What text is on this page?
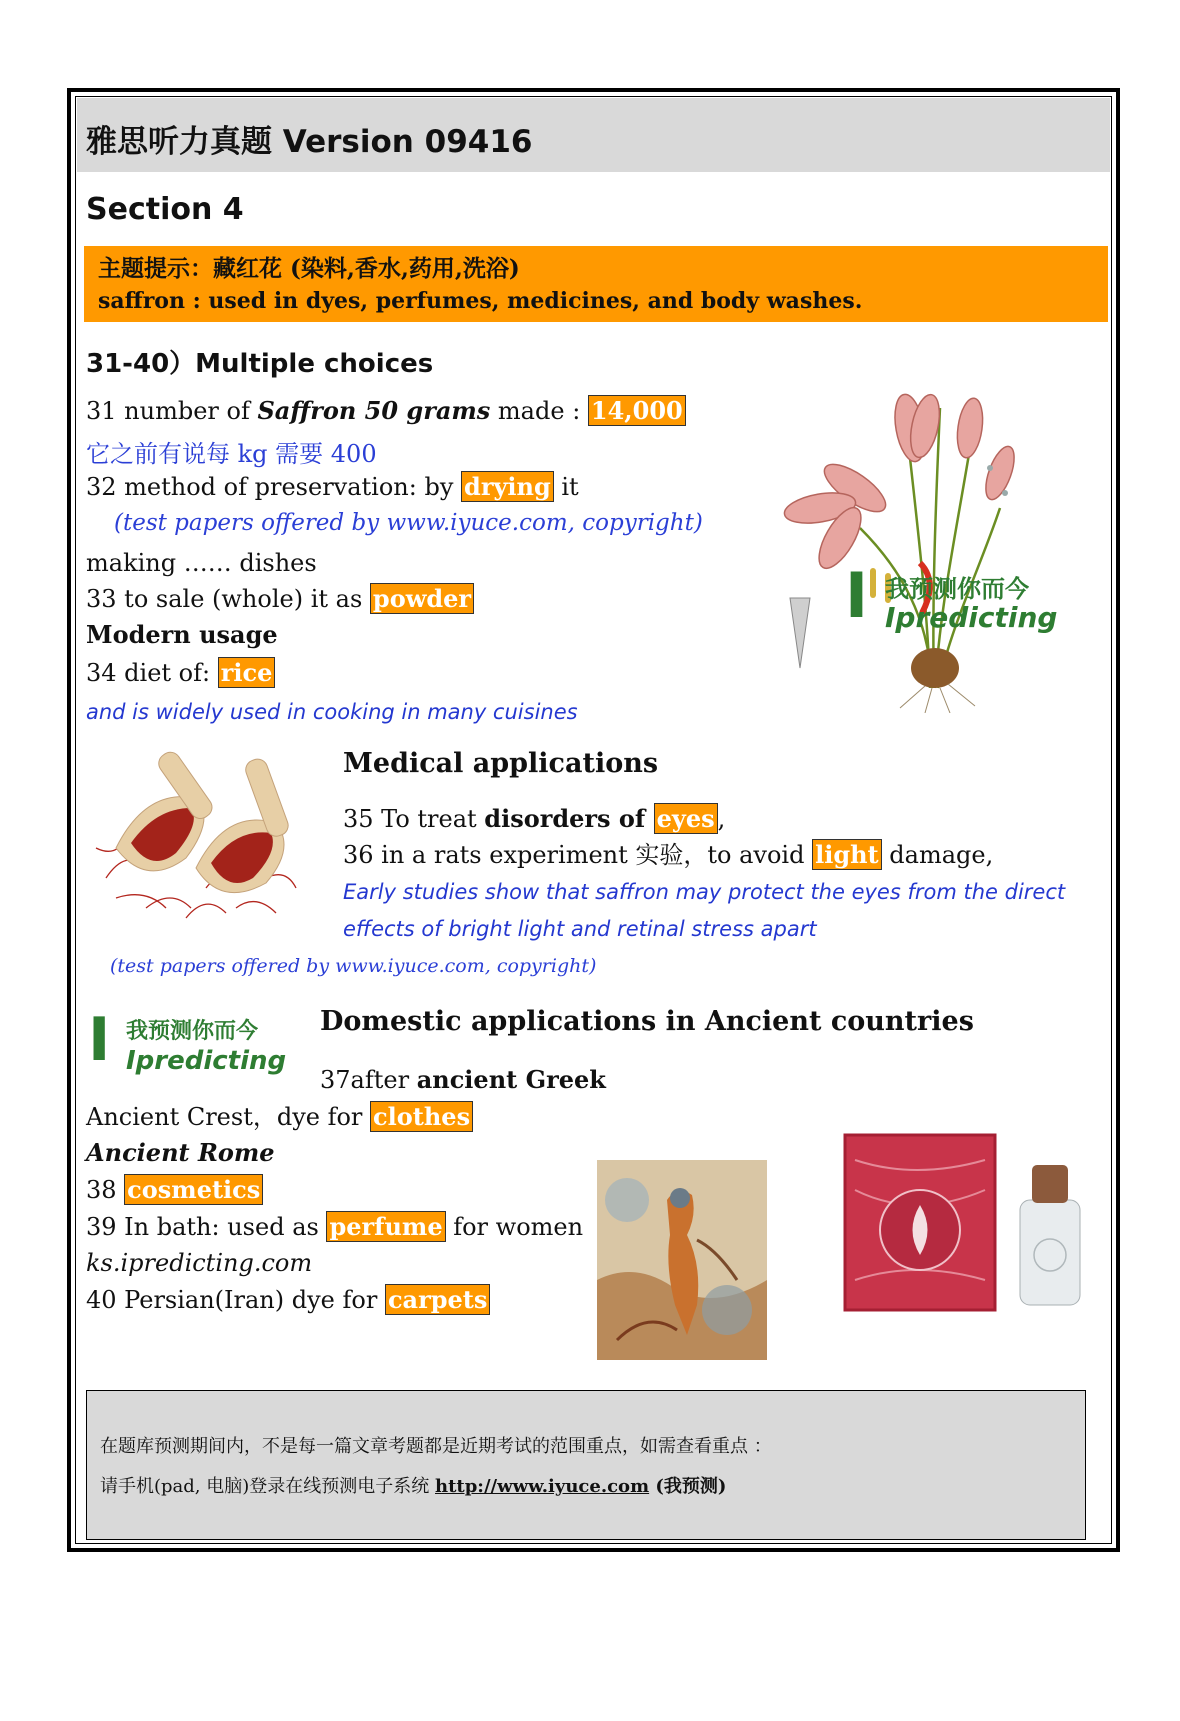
雅思听力真题 Version 09416
Section 4
主题提示：藏红花 (染料,香水,药用,洗浴)
saffron : used in dyes, perfumes, medicines, and body washes.
31-40）Multiple choices
31 number of Saffron 50 grams made : 14,000
它之前有说每 kg 需要 400
32 method of preservation: by drying it
(test papers offered by www.iyuce.com, copyright)
making …… dishes
33 to sale (whole) it as powder
Modern usage
34 diet of: rice
and is widely used in cooking in many cuisines
I 我预测你而今
Ipredicting
Medical applications
35 To treat disorders of eyes ,
36 in a rats experiment 实验，to avoid light damage,
Early studies show that saffron may protect the eyes from the direct
effects of bright light and retinal stress apart
(test papers offered by www.iyuce.com, copyright)
I 我预测你而今
Ipredicting
Domestic applications in Ancient countries
37after ancient Greek
Ancient Crest，dye for clothes
Ancient Rome
38 cosmetics
39 In bath: used as perfume for women
ks.ipredicting.com
40 Persian(Iran) dye for carpets
在题库预测期间内，不是每一篇文章考题都是近期考试的范围重点，如需查看重点 ：
请手机(pad, 电脑)登录在线预测电子系统 http://www.iyuce.com (我预测)
